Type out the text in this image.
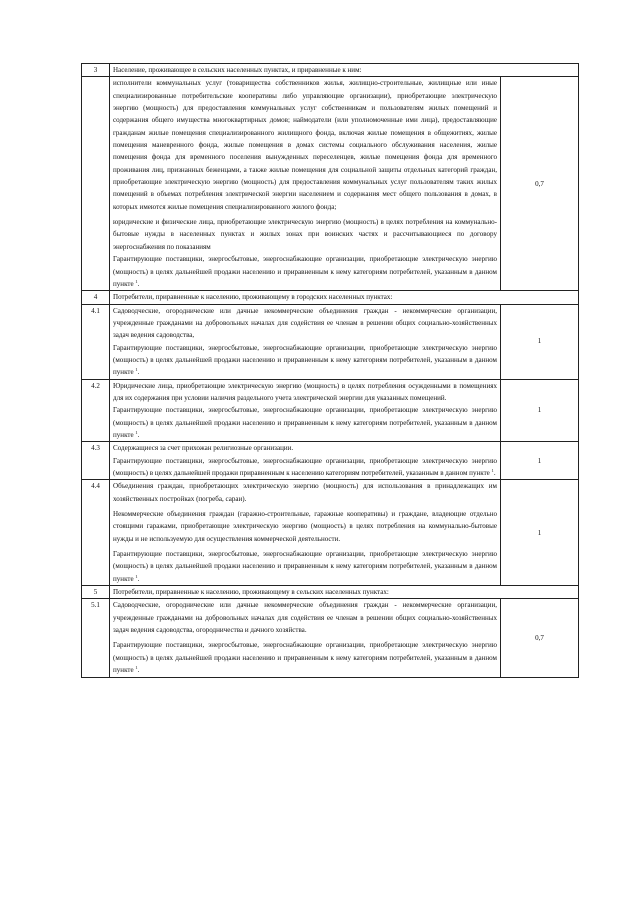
3	Население, проживающее в сельских населенных пунктах, и приравненные к ним:	

	исполнители коммунальных услуг (товарищества собственников жилья, жилищно-строительные, жилищные или иные специализированные потребительские кооперативы либо управляющие организации), приобретающие электрическую энергию (мощность) для предоставления коммунальных услуг собственникам и пользователям жилых помещений и содержания общего имущества многоквартирных домов; наймодатели (или уполномоченные ими лица), предоставляющие гражданам жилые помещения специализированного жилищного фонда, включая жилые помещения в общежитиях, жилые помещения маневренного фонда, жилые помещения в домах системы социального обслуживания населения, жилые помещения фонда для временного поселения вынужденных переселенцев, жилые помещения фонда для временного проживания лиц, признанных беженцами, а также жилые помещения для социальной защиты отдельных категорий граждан, приобретающие электрическую энергию (мощность) для предоставления коммунальных услуг пользователям таких жилых помещений в объемах потребления электрической энергии населением и содержания мест общего пользования в домах, в которых имеются жилые помещения специализированного жилого фонда;

юридические и физические лица, приобретающие электрическую энергию (мощность) в целях потребления на коммунально-бытовые нужды в населенных пунктах и жилых зонах при воинских частях и рассчитывающиеся по договору энергоснабжения по показаниям

Гарантирующие поставщики, энергосбытовые, энергоснабжающие организации, приобретающие электрическую энергию (мощность) в целях дальнейшей продажи населению и приравненным к нему категориям потребителей, указанным в данном пункте $^1$.	0,7
4	Потребители, приравненные к населению, проживающему в городских населенных пунктах:	
4.1	Садоводческие, огороднические или дачные некоммерческие объединения граждан - некоммерческие организации, учрежденные гражданами на добровольных началах для содействия ее членам в решении общих социально-хозяйственных задач ведения садоводства,

Гарантирующие поставщики, энергосбытовые, энергоснабжающие организации, приобретающие электрическую энергию (мощность) в целях дальнейшей продажи населению и приравненным к нему категориям потребителей, указанным в данном пункте $^1$.	1
4.2	Юридические лица, приобретающие электрическую энергию (мощность) в целях потребления осужденными в помещениях для их содержания при условии наличия раздельного учета электрической энергии для указанных помещений.

Гарантирующие поставщики, энергосбытовые, энергоснабжающие организации, приобретающие электрическую энергию (мощность) в целях дальнейшей продажи населению и приравненным к нему категориям потребителей, указанным в данном пункте $^1$.	1
4.3	Содержащиеся за счет прихожан религиозные организации.

Гарантирующие поставщики, энергосбытовые, энергоснабжающие организации, приобретающие электрическую энергию (мощность) в целях дальнейшей продажи приравненным к населению категориям потребителей, указанным в данном пункте $^1$.	1
4.4	Объединения граждан, приобретающих электрическую энергию (мощность) для использования в принадлежащих им хозяйственных постройках (погреба, сараи).

Некоммерческие объединения граждан (гаражно-строительные, гаражные кооперативы) и граждане, владеющие отдельно стоящими гаражами, приобретающие электрическую энергию (мощность) в целях потребления на коммунально-бытовые нужды и не используемую для осуществления коммерческой деятельности.

Гарантирующие поставщики, энергосбытовые, энергоснабжающие организации, приобретающие электрическую энергию (мощность) в целях дальнейшей продажи населению и приравненным к нему категориям потребителей, указанным в данном пункте $^1$.	1
5	Потребители, приравненные к населению, проживающему в сельских населенных пунктах:	
5.1	Садоводческие, огороднические или дачные некоммерческие объединения граждан - некоммерческие организации, учрежденные гражданами на добровольных началах для содействия ее членам в решении общих социально-хозяйственных задач ведения садоводства, огородничества и дачного хозяйства.

Гарантирующие поставщики, энергосбытовые, энергоснабжающие организации, приобретающие электрическую энергию (мощность) в целях дальнейшей продажи населению и приравненным к нему категориям потребителей, указанным в данном пункте $^1$.	0,7
